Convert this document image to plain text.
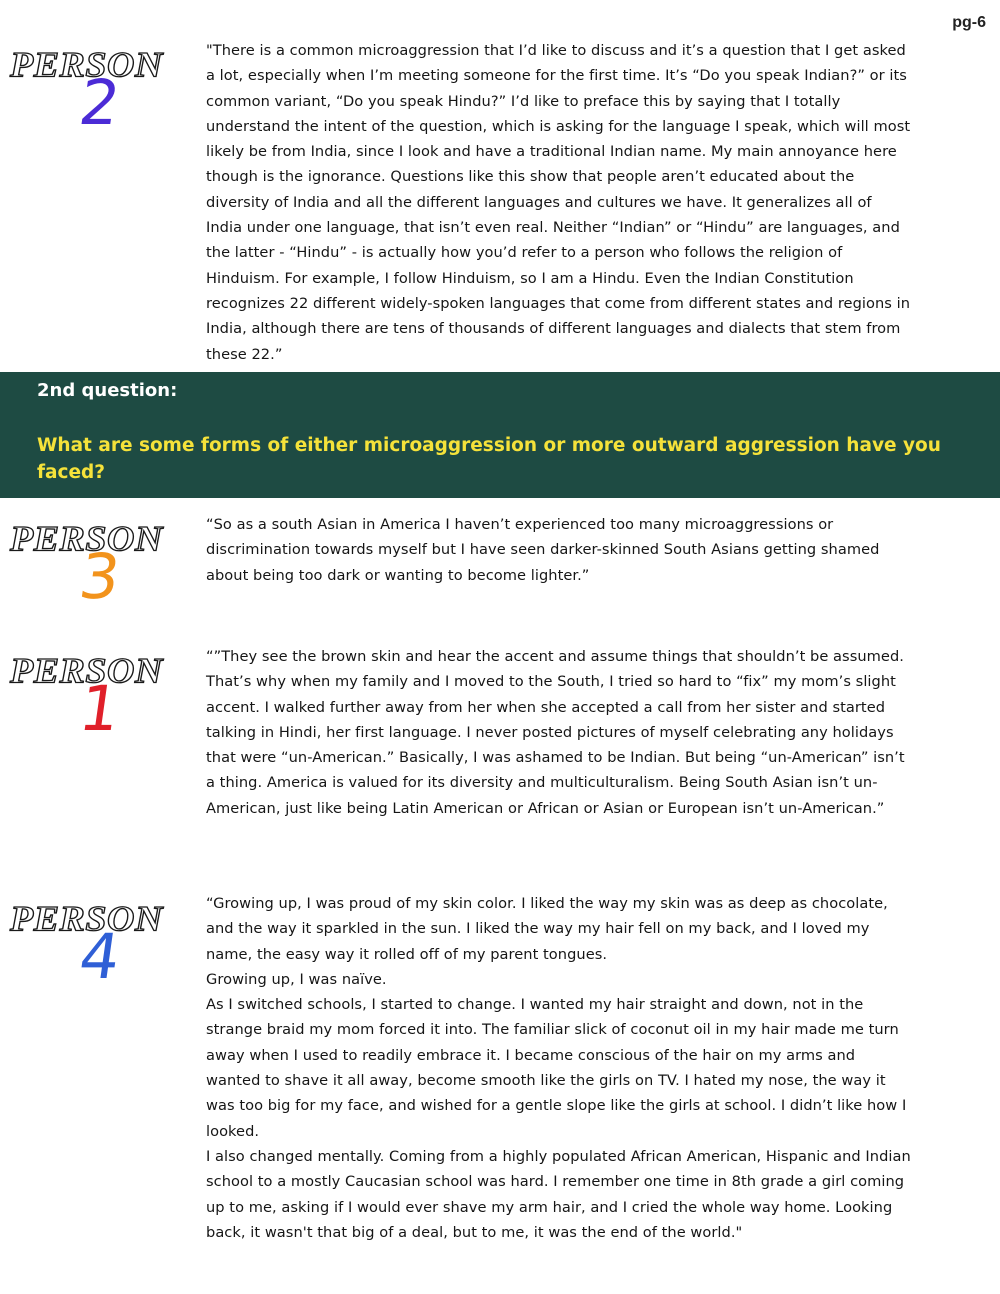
pg-6
PERSON
2

"There is a common microaggression that I’d like to discuss and it’s a question that I get asked a lot, especially when I’m meeting someone for the first time. It’s “Do you speak Indian?” or its common variant, “Do you speak Hindu?” I’d like to preface this by saying that I totally understand the intent of the question, which is asking for the language I speak, which will most likely be from India, since I look and have a traditional Indian name. My main annoyance here though is the ignorance. Questions like this show that people aren’t educated about the diversity of India and all the different languages and cultures we have. It generalizes all of India under one language, that isn’t even real. Neither “Indian” or “Hindu” are languages, and the latter - “Hindu” - is actually how you’d refer to a person who follows the religion of Hinduism. For example, I follow Hinduism, so I am a Hindu. Even the Indian Constitution recognizes 22 different widely-spoken languages that come from different states and regions in India, although there are tens of thousands of different languages and dialects that stem from these 22.”

2nd question:
What are some forms of either microaggression or more outward aggression have you faced?
PERSON
3

“So as a south Asian in America I haven’t experienced too many microaggressions or discrimination towards myself but I have seen darker-skinned South Asians getting shamed about being too dark or wanting to become lighter.”

PERSON
1

“”They see the brown skin and hear the accent and assume things that shouldn’t be assumed. That’s why when my family and I moved to the South, I tried so hard to “fix” my mom’s slight accent. I walked further away from her when she accepted a call from her sister and started talking in Hindi, her first language. I never posted pictures of myself celebrating any holidays that were “un-American.” Basically, I was ashamed to be Indian. But being “un-American” isn’t a thing. America is valued for its diversity and multiculturalism. Being South Asian isn’t un-American, just like being Latin American or African or Asian or European isn’t un-American.”

PERSON
4

“Growing up, I was proud of my skin color. I liked the way my skin was as deep as chocolate, and the way it sparkled in the sun. I liked the way my hair fell on my back, and I loved my name, the easy way it rolled off of my parent tongues.

Growing up, I was naïve.

As I switched schools, I started to change. I wanted my hair straight and down, not in the strange braid my mom forced it into. The familiar slick of coconut oil in my hair made me turn away when I used to readily embrace it. I became conscious of the hair on my arms and wanted to shave it all away, become smooth like the girls on TV. I hated my nose, the way it was too big for my face, and wished for a gentle slope like the girls at school. I didn’t like how I looked.

I also changed mentally. Coming from a highly populated African American, Hispanic and Indian school to a mostly Caucasian school was hard. I remember one time in 8th grade a girl coming up to me, asking if I would ever shave my arm hair, and I cried the whole way home. Looking back, it wasn't that big of a deal, but to me, it was the end of the world."
